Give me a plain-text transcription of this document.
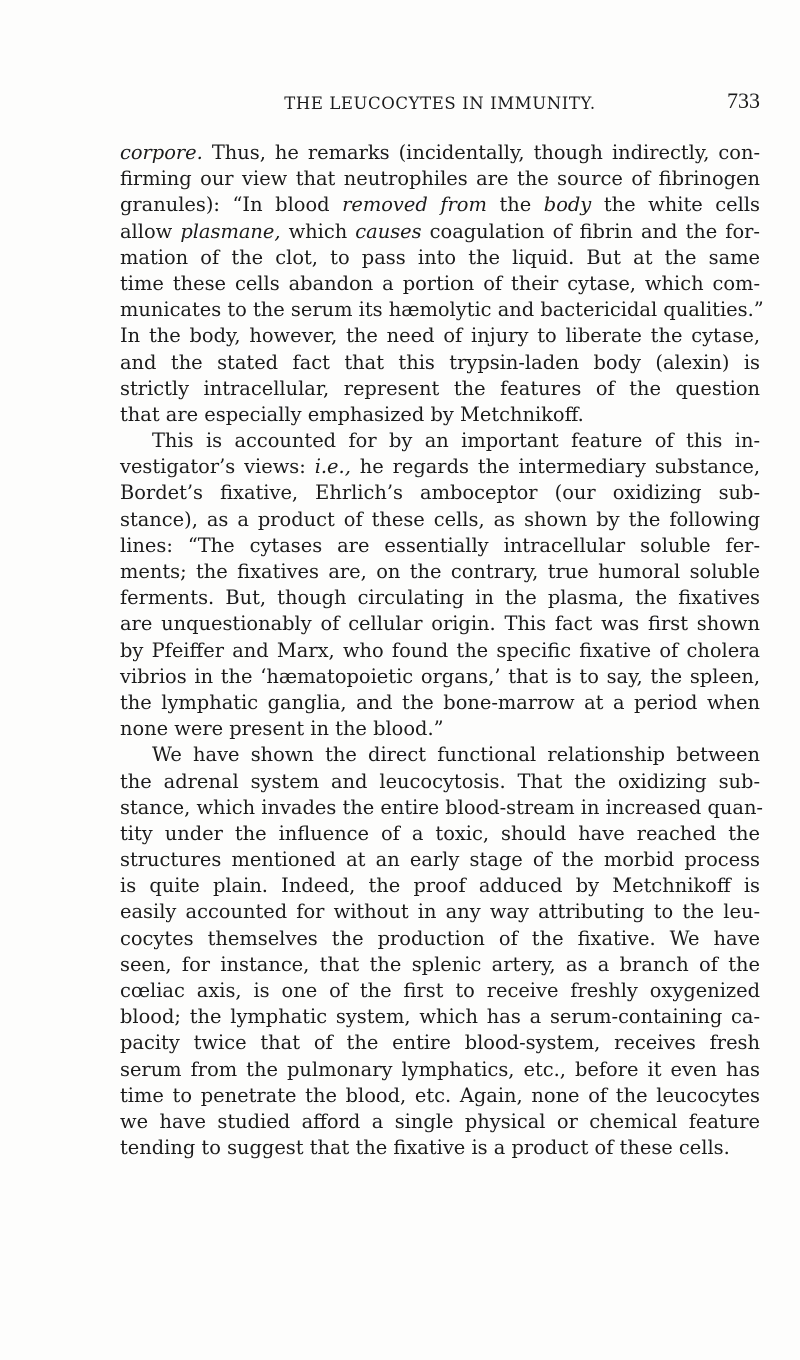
THE LEUCOCYTES IN IMMUNITY.	733
corpore. Thus, he remarks (incidentally, though indirectly, con-
firming our view that neutrophiles are the source of fibrinogen
granules): “In blood removed from the body the white cells
allow plasmane, which causes coagulation of fibrin and the for-
mation of the clot, to pass into the liquid. But at the same
time these cells abandon a portion of their cytase, which com-
municates to the serum its hæmolytic and bactericidal qualities.”
In the body, however, the need of injury to liberate the cytase,
and the stated fact that this trypsin-laden body (alexin) is
strictly intracellular, represent the features of the question
that are especially emphasized by Metchnikoff.
This is accounted for by an important feature of this in-
vestigator’s views: i.e., he regards the intermediary substance,
Bordet’s fixative, Ehrlich’s amboceptor (our oxidizing sub-
stance), as a product of these cells, as shown by the following
lines: “The cytases are essentially intracellular soluble fer-
ments; the fixatives are, on the contrary, true humoral soluble
ferments. But, though circulating in the plasma, the fixatives
are unquestionably of cellular origin. This fact was first shown
by Pfeiffer and Marx, who found the specific fixative of cholera
vibrios in the ‘hæmatopoietic organs,’ that is to say, the spleen,
the lymphatic ganglia, and the bone-marrow at a period when
none were present in the blood.”
We have shown the direct functional relationship between
the adrenal system and leucocytosis. That the oxidizing sub-
stance, which invades the entire blood-stream in increased quan-
tity under the influence of a toxic, should have reached the
structures mentioned at an early stage of the morbid process
is quite plain. Indeed, the proof adduced by Metchnikoff is
easily accounted for without in any way attributing to the leu-
cocytes themselves the production of the fixative. We have
seen, for instance, that the splenic artery, as a branch of the
cœliac axis, is one of the first to receive freshly oxygenized
blood; the lymphatic system, which has a serum-containing ca-
pacity twice that of the entire blood-system, receives fresh
serum from the pulmonary lymphatics, etc., before it even has
time to penetrate the blood, etc. Again, none of the leucocytes
we have studied afford a single physical or chemical feature
tending to suggest that the fixative is a product of these cells.
